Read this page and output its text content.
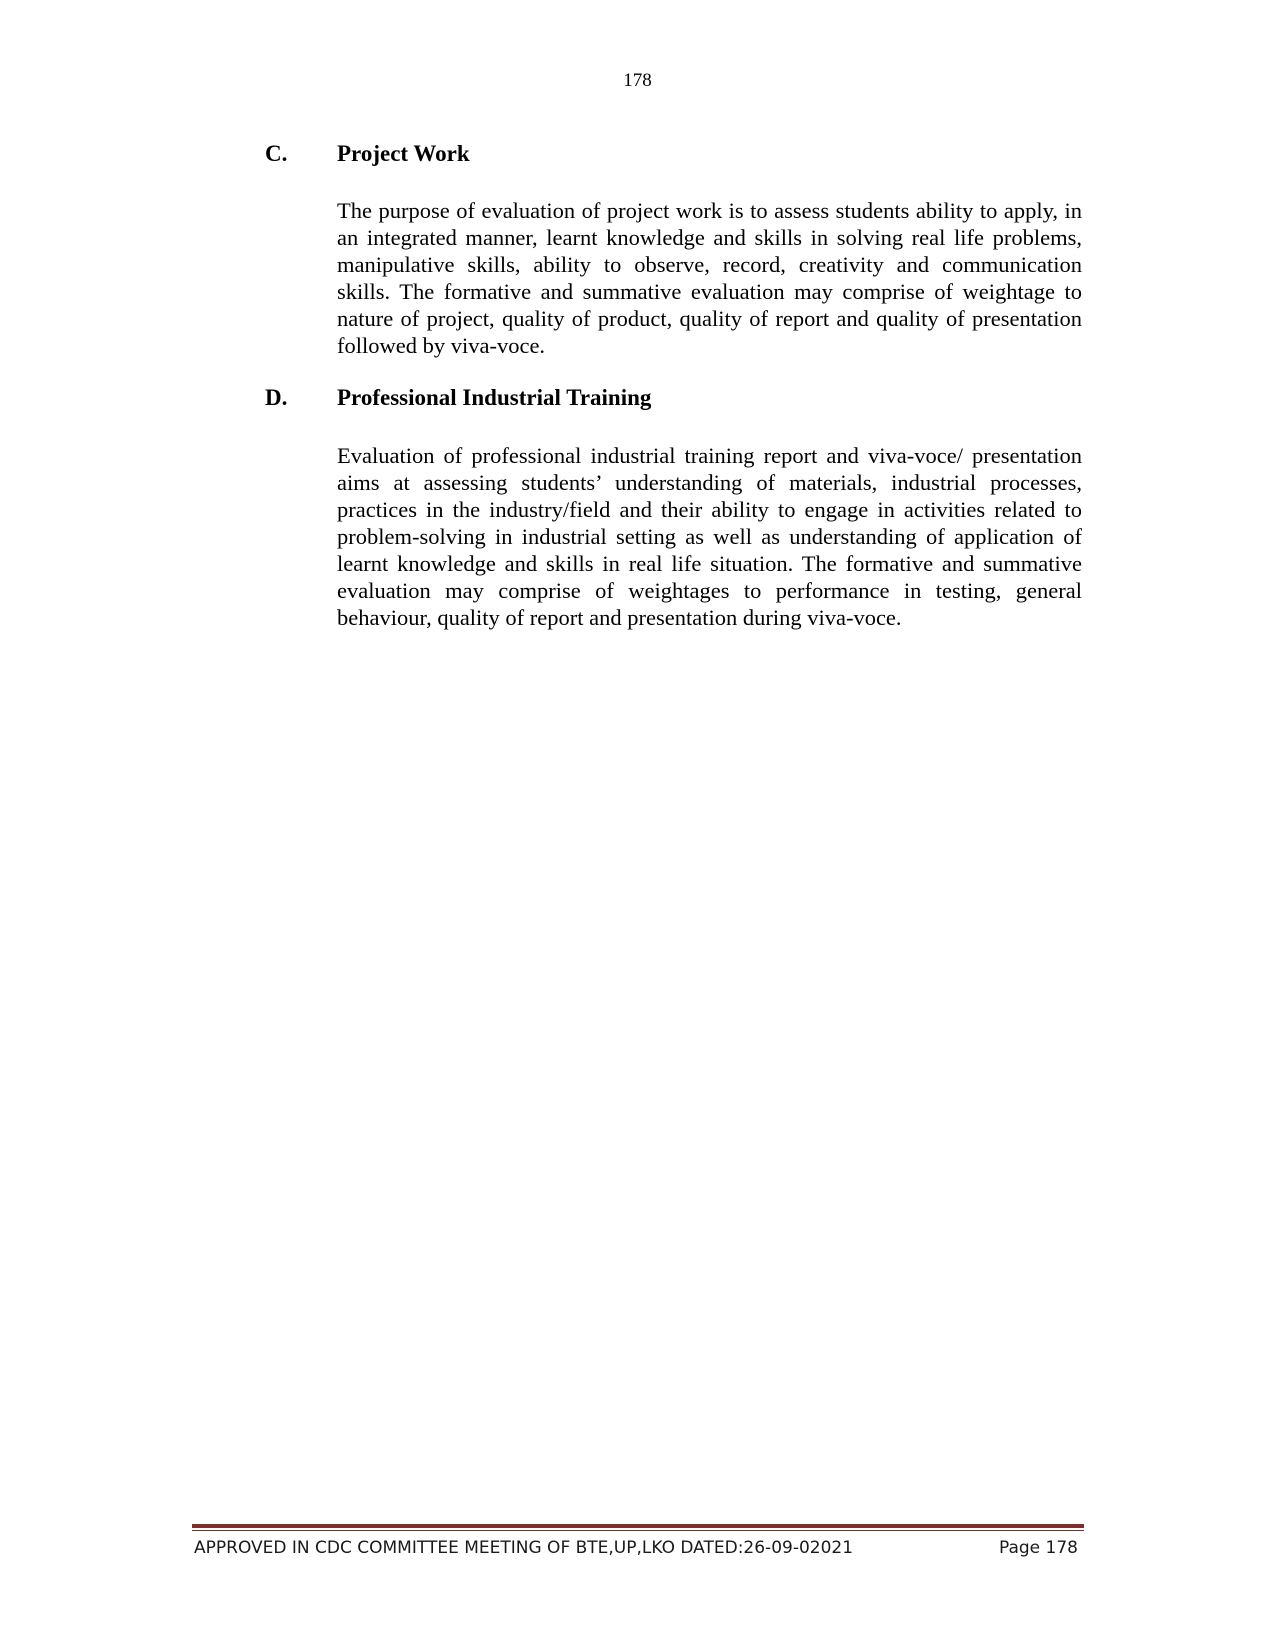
178
C. Project Work
The purpose of evaluation of project work is to assess students ability to apply, in an integrated manner, learnt knowledge and skills in solving real life problems, manipulative skills, ability to observe, record, creativity and communication skills. The formative and summative evaluation may comprise of weightage to nature of project, quality of product, quality of report and quality of presentation followed by viva-voce.
D. Professional Industrial Training
Evaluation of professional industrial training report and viva-voce/ presentation aims at assessing students’ understanding of materials, industrial processes, practices in the industry/field and their ability to engage in activities related to problem-solving in industrial setting as well as understanding of application of learnt knowledge and skills in real life situation. The formative and summative evaluation may comprise of weightages to performance in testing, general behaviour, quality of report and presentation during viva-voce.
APPROVED IN CDC COMMITTEE MEETING OF BTE,UP,LKO DATED:26-09-02021	Page 178
